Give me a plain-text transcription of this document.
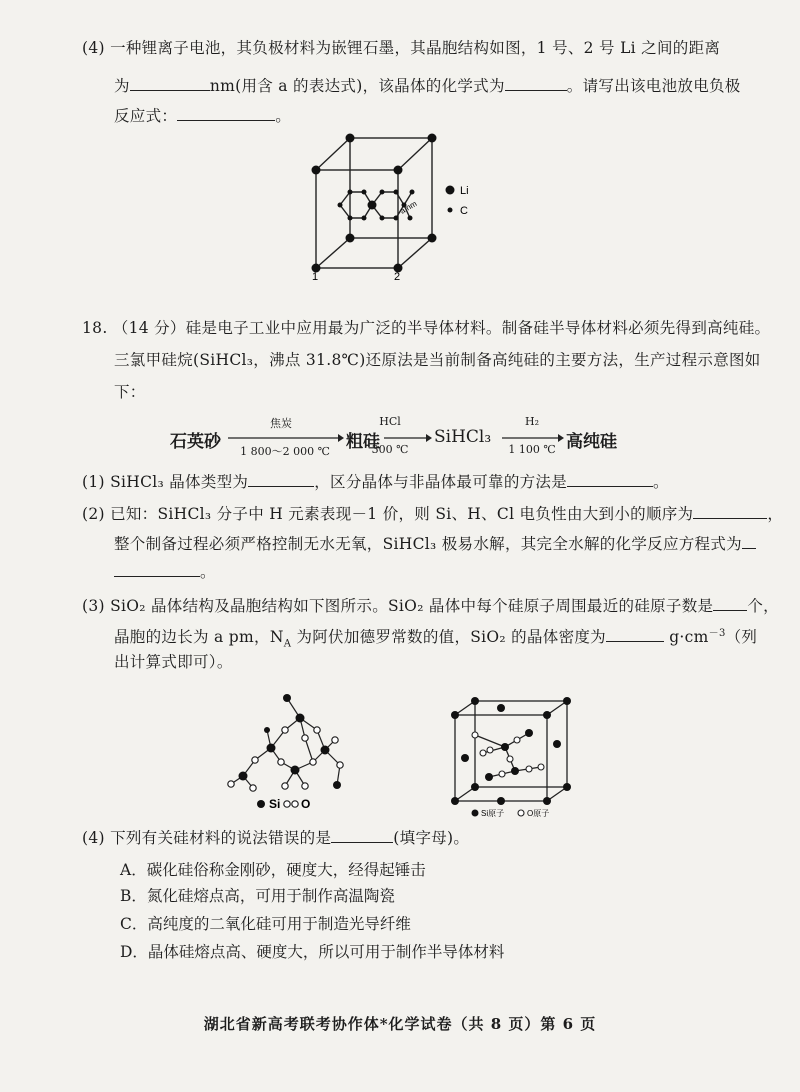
(4) 一种锂离子电池，其负极材料为嵌锂石墨，其晶胞结构如图，1 号、2 号 Li 之间的距离
为	nm(用含 a 的表达式)，该晶体的化学式为	。请写出该电池放电负极
反应式：	。
Li
C
a nm
1	2
18. （14 分）硅是电子工业中应用最为广泛的半导体材料。制备硅半导体材料必须先得到高纯硅。
三氯甲硅烷(SiHCl₃，沸点 31.8℃)还原法是当前制备高纯硅的主要方法，生产过程示意图如
下：
石英砂
焦炭
1 800～2 000 ℃ 粗硅
HCl
300 ℃
SiHCl₃
H₂
1 100 ℃ 高纯硅
(1) SiHCl₃ 晶体类型为	，区分晶体与非晶体最可靠的方法是	。
(2) 已知：SiHCl₃ 分子中 H 元素表现－1 价，则 Si、H、Cl 电负性由大到小的顺序为	，
整个制备过程必须严格控制无水无氧，SiHCl₃ 极易水解，其完全水解的化学反应方程式为
。
(3) SiO₂ 晶体结构及晶胞结构如下图所示。SiO₂ 晶体中每个硅原子周围最近的硅原子数是 个，
晶胞的边长为 a pm，$N_A$ 为阿伏加德罗常数的值，SiO₂ 的晶体密度为	$g\cdot cm^{-3}$（列
出计算式即可）。
Si O
Si原子	O原子
(4) 下列有关硅材料的说法错误的是	(填字母)。
A．碳化硅俗称金刚砂，硬度大，经得起锤击
B．氮化硅熔点高，可用于制作高温陶瓷
C．高纯度的二氧化硅可用于制造光导纤维
D．晶体硅熔点高、硬度大，所以可用于制作半导体材料
湖北省新高考联考协作体*化学试卷（共 8 页）第 6 页
